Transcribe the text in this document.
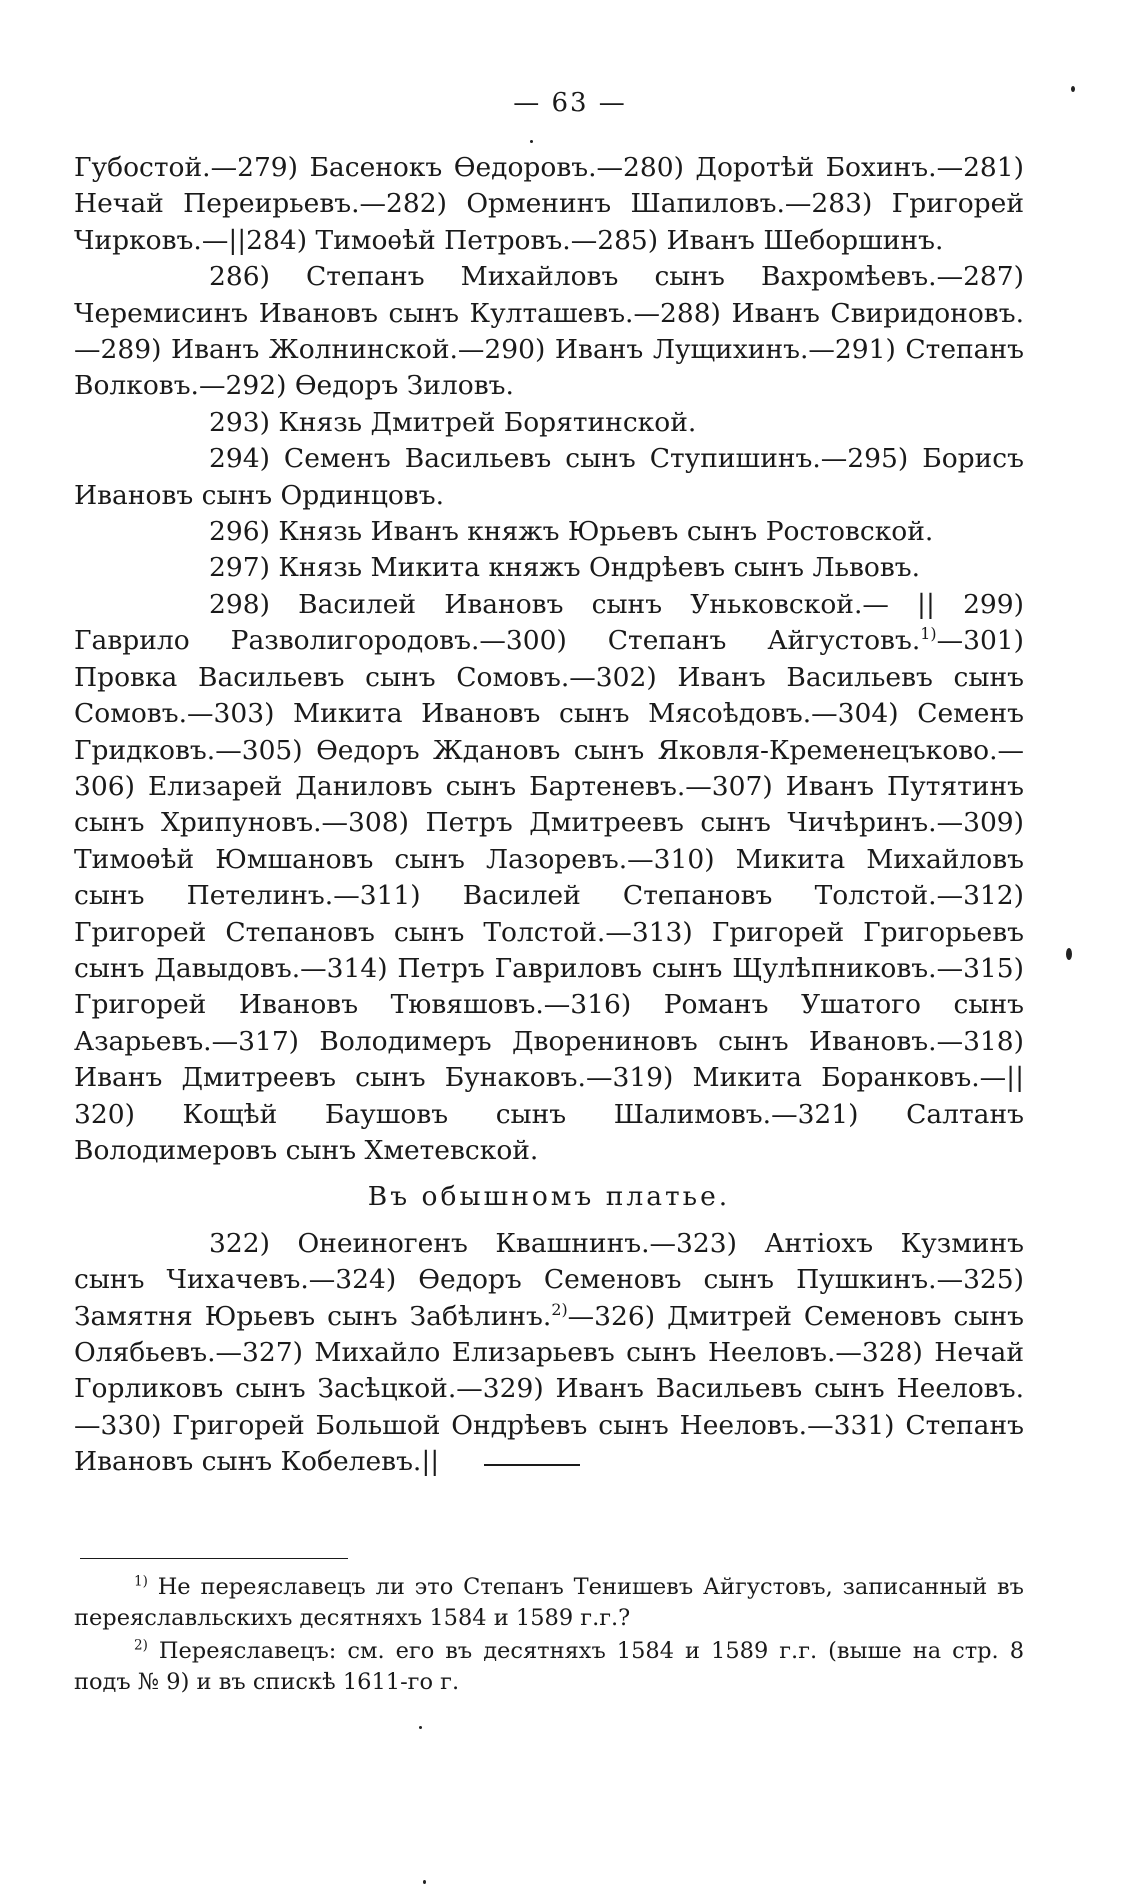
— 63 —

Губостой.—279) Басенокъ Ѳедоровъ.—280) Доротѣй Бохинъ.—281) Нечай Переирьевъ.—282) Орменинъ Шапиловъ.—283) Григорей Чирковъ.—||284) Тимоѳѣй Петровъ.—285) Иванъ Шеборшинъ.

286) Степанъ Михайловъ сынъ Вахромѣевъ.—287) Черемисинъ Ивановъ сынъ Култашевъ.—288) Иванъ Свиридоновъ.—289) Иванъ Жолнинской.—290) Иванъ Лущихинъ.—291) Степанъ Волковъ.—292) Ѳедоръ Зиловъ.

293) Князь Дмитрей Борятинской.

294) Семенъ Васильевъ сынъ Ступишинъ.—295) Борисъ Ивановъ сынъ Ординцовъ.

296) Князь Иванъ княжъ Юрьевъ сынъ Ростовской.

297) Князь Микита княжъ Ондрѣевъ сынъ Львовъ.

298) Василей Ивановъ сынъ Уньковской.— || 299) Гаврило Разволигородовъ.—300) Степанъ Айгустовъ.$^{1)}$—301) Провка Васильевъ сынъ Сомовъ.—302) Иванъ Васильевъ сынъ Сомовъ.—303) Микита Ивановъ сынъ Мясоѣдовъ.—304) Семенъ Гридковъ.—305) Ѳедоръ Ждановъ сынъ Яковля-Кременецъково.—306) Елизарей Даниловъ сынъ Бартеневъ.—307) Иванъ Путятинъ сынъ Хрипуновъ.—308) Петръ Дмитреевъ сынъ Чичѣринъ.—309) Тимоѳѣй Юмшановъ сынъ Лазоревъ.—310) Микита Михайловъ сынъ Петелинъ.—311) Василей Степановъ Толстой.—312) Григорей Степановъ сынъ Толстой.—313) Григорей Григорьевъ сынъ Давыдовъ.—314) Петръ Гавриловъ сынъ Щулѣпниковъ.—315) Григорей Ивановъ Тювяшовъ.—316) Романъ Ушатого сынъ Азарьевъ.—317) Володимеръ Двоpениновъ сынъ Ивановъ.—318) Иванъ Дмитреевъ сынъ Бунаковъ.—319) Микита Боранковъ.—|| 320) Кощѣй Баушовъ сынъ Шалимовъ.—321) Салтанъ Володимеровъ сынъ Хметевской.

Въ обышномъ платье.

322) Онеиногенъ Квашнинъ.—323) Антіохъ Кузминъ сынъ Чихачевъ.—324) Ѳедоръ Семеновъ сынъ Пушкинъ.—325) Замятня Юрьевъ сынъ Забѣлинъ.$^{2)}$—326) Дмитрей Семеновъ сынъ Олябьевъ.—327) Михайло Елизарьевъ сынъ Нееловъ.—328) Нечай Горликовъ сынъ Засѣцкой.—329) Иванъ Васильевъ сынъ Нееловъ.—330) Григорей Большой Ондрѣевъ сынъ Нееловъ.—331) Степанъ Ивановъ сынъ Кобелевъ.||

$^{1)}$ Не переяславецъ ли это Степанъ Тенишевъ Айгустовъ, записанный въ переяславльскихъ десятняхъ 1584 и 1589 г.г.?

$^{2)}$ Переяславецъ: см. его въ десятняхъ 1584 и 1589 г.г. (выше на стр. 8 подъ № 9) и въ спискѣ 1611-го г.
